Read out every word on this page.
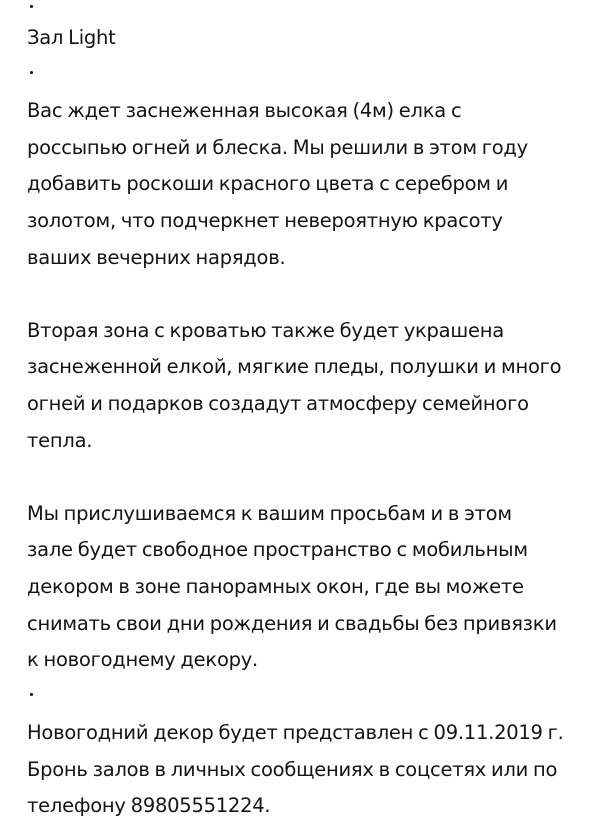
Зал Light
Вас ждет заснеженная высокая (4м) елка с
россыпью огней и блеска. Мы решили в этом году
добавить роскоши красного цвета с серебром и
золотом, что подчеркнет невероятную красоту
ваших вечерних нарядов.
Вторая зона с кроватью также будет украшена
заснеженной елкой, мягкие пледы, полушки и много
огней и подарков создадут атмосферу семейного
тепла.
Мы прислушиваемся к вашим просьбам и в этом
зале будет свободное пространство с мобильным
декором в зоне панорамных окон, где вы можете
снимать свои дни рождения и свадьбы без привязки
к новогоднему декору.
Новогодний декор будет представлен с 09.11.2019 г.
Бронь залов в личных сообщениях в соцсетях или по
телефону 89805551224.
